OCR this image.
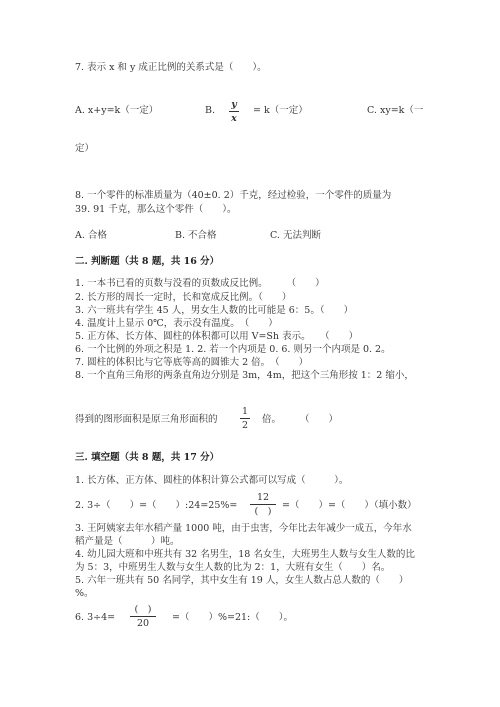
7. 表示 x 和 y 成正比例的关系式是（　　）。
A. x+y=k（一定）	B.
y
x
= k（一定）	C. xy=k（一
定）
8. 一个零件的标准质量为（40±0. 2）千克，经过检验，一个零件的质量为
39. 91 千克，那么这个零件（　　）。
A. 合格	B. 不合格	C. 无法判断
二. 判断题（共 8 题，共 16 分）
1. 一本书已看的页数与没看的页数成反比例。　　　（　　）
2. 长方形的周长一定时，长和宽成反比例。（　　）
3. 六一班共有学生 45 人，男女生人数的比可能是 6：5。（　　）
4. 温度计上显示 0℃，表示没有温度。　（　　）
5. 正方体、长方体、圆柱的体积都可以用 V=Sh 表示。　　（　　）
6. 一个比例的外项之积是 1. 2. 若一个内项是 0. 6. 则另一个内项是 0. 2。
7. 圆柱的体积比与它等底等高的圆锥大 2 倍。　（　　）
8. 一个直角三角形的两条直角边分别是 3m，4m，把这个三角形按 1：2 缩小，
得到的图形面积是原三角形面积的
1
2
倍。　　　（　　）
三. 填空题（共 8 题，共 17 分）
1. 长方体、正方体、圆柱的体积计算公式都可以写成（　　　）。
2. 3÷（　　）=（　　）:24=25%=
12
(　)
=（　　）=（　　）（填小数）
3. 王阿姨家去年水稻产量 1000 吨，由于虫害，今年比去年减少一成五，今年水
稻产量是（　　　）吨。
4. 幼儿园大班和中班共有 32 名男生，18 名女生，大班男生人数与女生人数的比
为 5：3，中班男生人数与女生人数的比为 2：1，大班有女生（　　）名。
5. 六年一班共有 50 名同学，其中女生有 19 人，女生人数占总人数的（　　）
%。
6. 3÷4=
(　)
20
=（　　）%=21:（　　）。
